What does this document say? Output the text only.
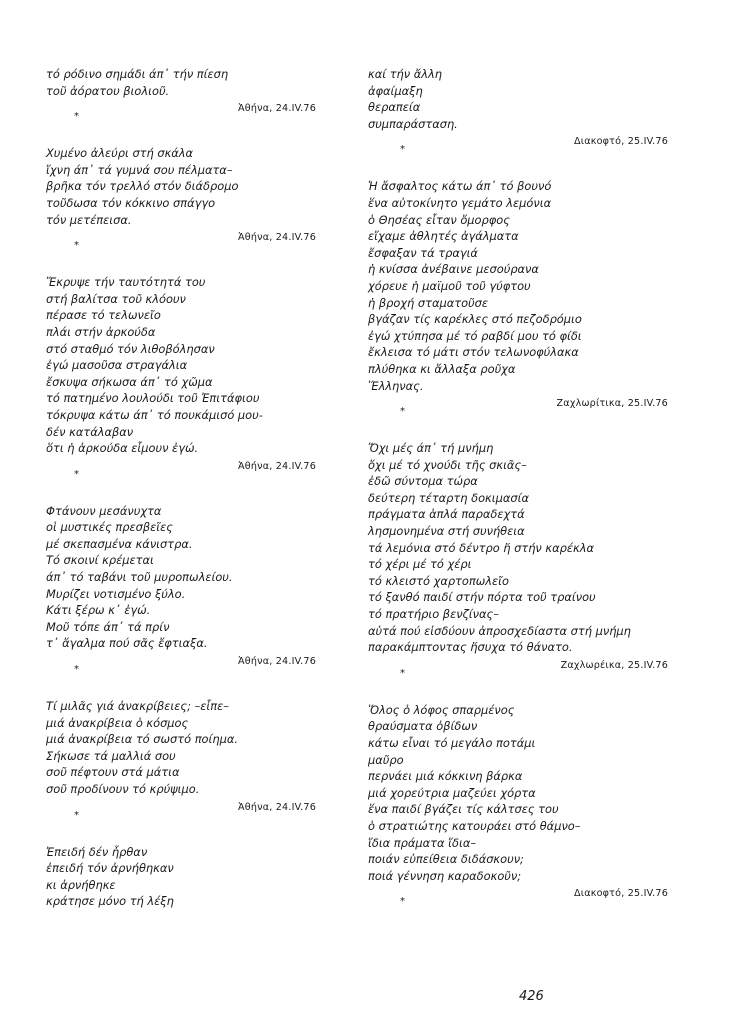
τό ρόδινο σημάδι άπ᾽ τήν πίεση
τοῦ ἀόρατου βιολιοῦ.
Ἀθήνα, 24.IV.76
*
Χυμένο ἀλεύρι στή σκάλα
ἴχνη άπ᾽ τά γυμνά σου πέλματα–
βρῆκα τόν τρελλό στόν διάδρομο
τοῦδωσα τόν κόκκινο σπάγγο
τόν μετέπεισα.
Ἀθήνα, 24.IV.76
*
Ἔκρυψε τήν ταυτότητά του
στή βαλίτσα τοῦ κλόουν
πέρασε τό τελωνεῖο
πλάι στήν ἀρκούδα
στό σταθμό τόν λιθοβόλησαν
ἐγώ μασοῦσα στραγάλια
ἔσκυψα σήκωσα άπ᾽ τό χῶμα
τό πατημένο λουλούδι τοῦ Ἐπιτάφιου
τόκρυψα κάτω άπ᾽ τό πουκάμισό μου-
δέν κατάλαβαν
ὅτι ἡ ἀρκούδα εἶμουν ἐγώ.
Ἀθήνα, 24.IV.76
*
Φτάνουν μεσάνυχτα
οἱ μυστικές πρεσβεῖες
μέ σκεπασμένα κάνιστρα.
Τό σκοινί κρέμεται
άπ᾽ τό ταβάνι τοῦ μυροπωλείου.
Μυρίζει νοτισμένο ξύλο.
Κάτι ξέρω κ᾽ ἐγώ.
Μοῦ τόπε άπ᾽ τά πρίν
τ᾽ ἄγαλμα πού σᾶς ἔφτιαξα.
Ἀθήνα, 24.IV.76
*
Τί μιλᾶς γιά ἀνακρίβειες; –εἶπε–
μιά ἀνακρίβεια ὁ κόσμος
μιά ἀνακρίβεια τό σωστό ποίημα.
Σήκωσε τά μαλλιά σου
σοῦ πέφτουν στά μάτια
σοῦ προδίνουν τό κρύψιμο.
Ἀθήνα, 24.IV.76
*
Ἐπειδή δέν ἦρθαν
ἐπειδή τόν ἀρνήθηκαν
κι ἀρνήθηκε
κράτησε μόνο τή λέξη
καί τήν ἄλλη
ἀφαίμαξη
θεραπεία
συμπαράσταση.
Διακοφτό, 25.IV.76
*
Ἡ ἄσφαλτος κάτω άπ᾽ τό βουνό
ἕνα αὐτοκίνητο γεμάτο λεμόνια
ὁ Θησέας εἶταν ὄμορφος
εἴχαμε ἀθλητές ἀγάλματα
ἔσφαξαν τά τραγιά
ἡ κνίσσα ἀνέβαινε μεσούρανα
χόρευε ἡ μαϊμοῦ τοῦ γύφτου
ἡ βροχή σταματοῦσε
βγάζαν τίς καρέκλες στό πεζοδρόμιο
ἐγώ χτύπησα μέ τό ραβδί μου τό φίδι
ἔκλεισα τό μάτι στόν τελωνοφύλακα
πλύθηκα κι ἄλλαξα ροῦχα
Ἕλληνας.
Ζαχλωρίτικα, 25.IV.76
*
Ὄχι μές άπ᾽ τή μνήμη
ὄχι μέ τό χνούδι τῆς σκιᾶς–
ἐδῶ σύντομα τώρα
δεύτερη τέταρτη δοκιμασία
πράγματα ἁπλά παραδεχτά
λησμονημένα στή συνήθεια
τά λεμόνια στό δέντρο ἤ στήν καρέκλα
τό χέρι μέ τό χέρι
τό κλειστό χαρτοπωλεῖο
τό ξανθό παιδί στήν πόρτα τοῦ τραίνου
τό πρατήριο βενζίνας–
αὐτά πού εἰσδύουν ἀπροσχεδίαστα στή μνήμη
παρακάμπτοντας ἥσυχα τό θάνατο.
Ζαχλωρέικα, 25.IV.76
*
Ὅλος ὁ λόφος σπαρμένος
θραύσματα ὀβίδων
κάτω εἶναι τό μεγάλο ποτάμι
μαῦρο
περνάει μιά κόκκινη βάρκα
μιά χορεύτρια μαζεύει χόρτα
ἕνα παιδί βγάζει τίς κάλτσες του
ὁ στρατιώτης κατουράει στό θάμνο–
ἴδια πράματα ἴδια–
ποιάν εὐπείθεια διδάσκουν;
ποιά γέννηση καραδοκοῦν;
Διακοφτό, 25.IV.76
*
426
